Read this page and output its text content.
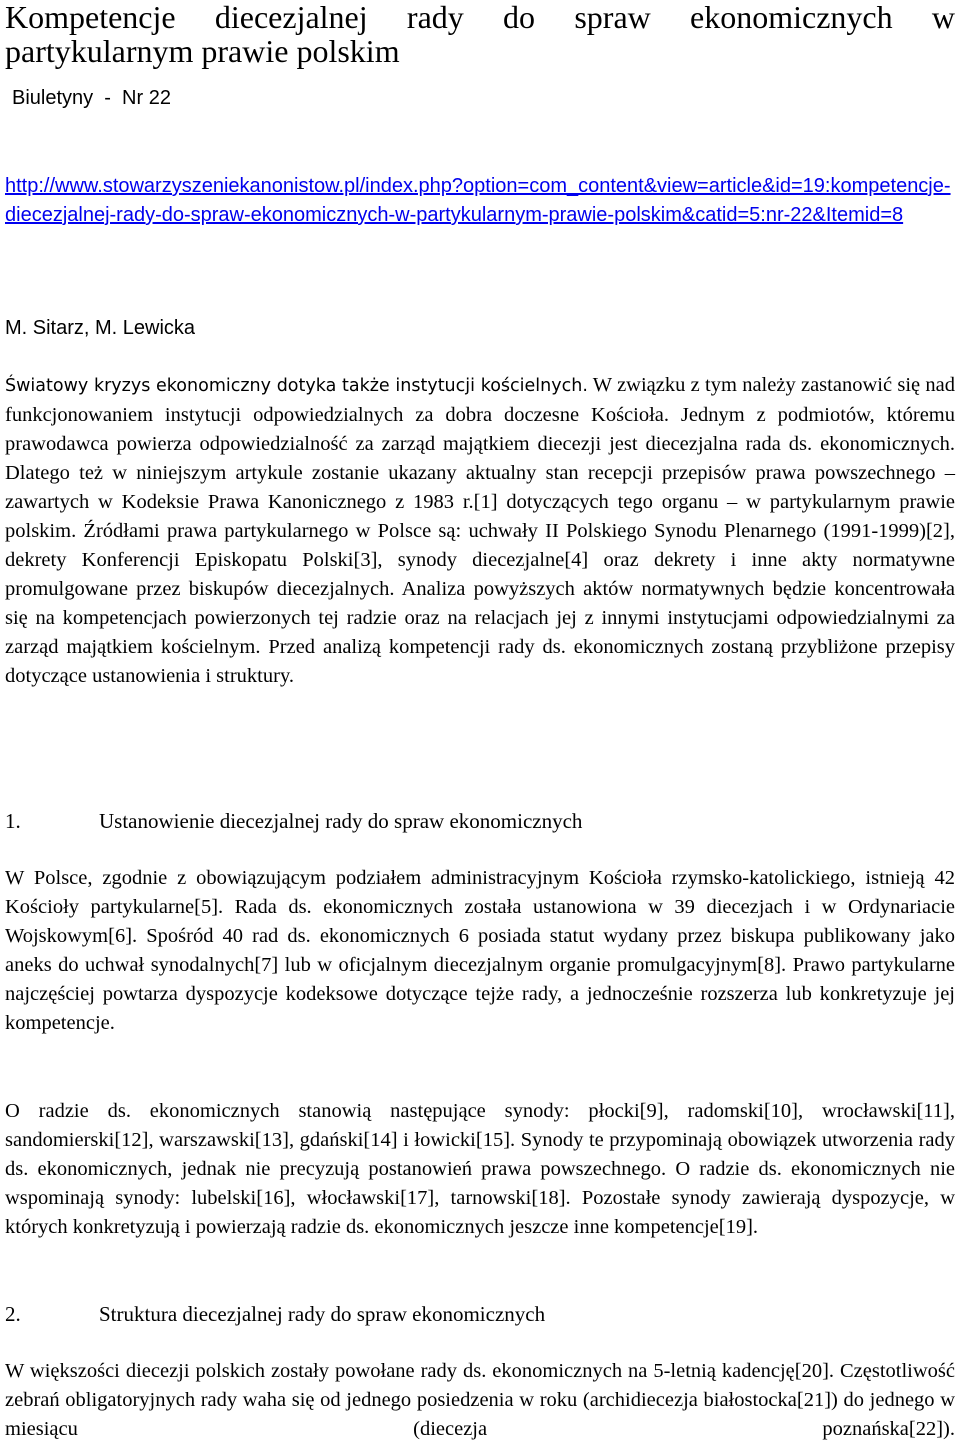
Kompetencje diecezjalnej rady do spraw ekonomicznych w partykularnym prawie polskim
Biuletyny  -  Nr 22
http://www.stowarzyszeniekanonistow.pl/index.php?option=com_content&view=article&id=19:kompetencje-diecezjalnej-rady-do-spraw-ekonomicznych-w-partykularnym-prawie-polskim&catid=5:nr-22&Itemid=8
M. Sitarz, M. Lewicka

Światowy kryzys ekonomiczny dotyka także instytucji kościelnych. W związku z tym należy zastanowić się nad funkcjonowaniem instytucji odpowiedzialnych za dobra doczesne Kościoła. Jednym z podmiotów, któremu prawodawca powierza odpowiedzialność za zarząd majątkiem diecezji jest diecezjalna rada ds. ekonomicznych. Dlatego też w niniejszym artykule zostanie ukazany aktualny stan recepcji przepisów prawa powszechnego – zawartych w Kodeksie Prawa Kanonicznego z 1983 r.[1] dotyczących tego organu – w partykularnym prawie polskim. Źródłami prawa partykularnego w Polsce są: uchwały II Polskiego Synodu Plenarnego (1991-1999)[2], dekrety Konferencji Episkopatu Polski[3], synody diecezjalne[4] oraz dekrety i inne akty normatywne promulgowane przez biskupów diecezjalnych. Analiza powyższych aktów normatywnych będzie koncentrowała się na kompetencjach powierzonych tej radzie oraz na relacjach jej z innymi instytucjami odpowiedzialnymi za zarząd majątkiem kościelnym. Przed analizą kompetencji rady ds. ekonomicznych zostaną przybliżone przepisy dotyczące ustanowienia i struktury.

1.	Ustanowienie diecezjalnej rady do spraw ekonomicznych

W Polsce, zgodnie z obowiązującym podziałem administracyjnym Kościoła rzymsko-katolickiego, istnieją 42 Kościoły partykularne[5]. Rada ds. ekonomicznych została ustanowiona w 39 diecezjach i w Ordynariacie Wojskowym[6]. Spośród 40 rad ds. ekonomicznych 6 posiada statut wydany przez biskupa publikowany jako aneks do uchwał synodalnych[7] lub w oficjalnym diecezjalnym organie promulgacyjnym[8]. Prawo partykularne najczęściej powtarza dyspozycje kodeksowe dotyczące tejże rady, a jednocześnie rozszerza lub konkretyzuje jej kompetencje.

O radzie ds. ekonomicznych stanowią następujące synody: płocki[9], radomski[10], wrocławski[11], sandomierski[12], warszawski[13], gdański[14] i łowicki[15]. Synody te przypominają obowiązek utworzenia rady ds. ekonomicznych, jednak nie precyzują postanowień prawa powszechnego. O radzie ds. ekonomicznych nie wspominają synody: lubelski[16], włocławski[17], tarnowski[18]. Pozostałe synody zawierają dyspozycje, w których konkretyzują i powierzają radzie ds. ekonomicznych jeszcze inne kompetencje[19].

2.	Struktura diecezjalnej rady do spraw ekonomicznych

W większości diecezji polskich zostały powołane rady ds. ekonomicznych na 5-letnią kadencję[20]. Częstotliwość zebrań obligatoryjnych rady waha się od jednego posiedzenia w roku (archidiecezja białostocka[21]) do jednego w miesiącu (diecezja poznańska[22]).
